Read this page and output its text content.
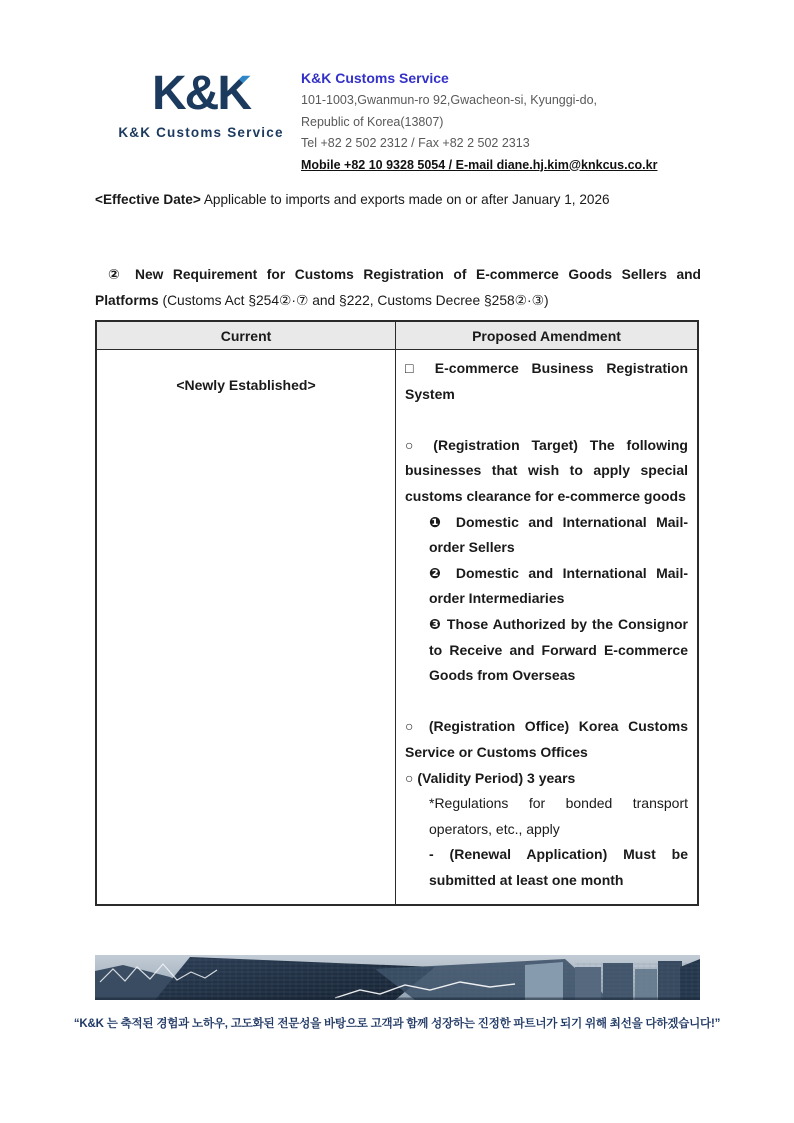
K&K
K&K Customs Service
K&K Customs Service
101-1003,Gwanmun-ro 92,Gwacheon-si, Kyunggi-do,
Republic of Korea(13807)
Tel +82 2 502 2312 / Fax +82 2 502 2313
Mobile +82 10 9328 5054 / E-mail diane.hj.kim@knkcus.co.kr
<Effective Date> Applicable to imports and exports made on or after January 1, 2026
② New Requirement for Customs Registration of E-commerce Goods Sellers and Platforms (Customs Act §254②·⑦ and §222, Customs Decree §258②·③)
Current	Proposed Amendment
<Newly Established>
□ E-commerce Business Registration System
○ (Registration Target) The following businesses that wish to apply special customs clearance for e-commerce goods
❶ Domestic and International Mail-order Sellers
❷ Domestic and International Mail-order Intermediaries
❸ Those Authorized by the Consignor to Receive and Forward E-commerce Goods from Overseas
○ (Registration Office) Korea Customs Service or Customs Offices
○ (Validity Period) 3 years
*Regulations for bonded transport operators, etc., apply
- (Renewal Application) Must be submitted at least one month
“K&K 는 축적된 경험과 노하우, 고도화된 전문성을 바탕으로 고객과 함께 성장하는 진정한 파트너가 되기 위해 최선을 다하겠습니다!”
